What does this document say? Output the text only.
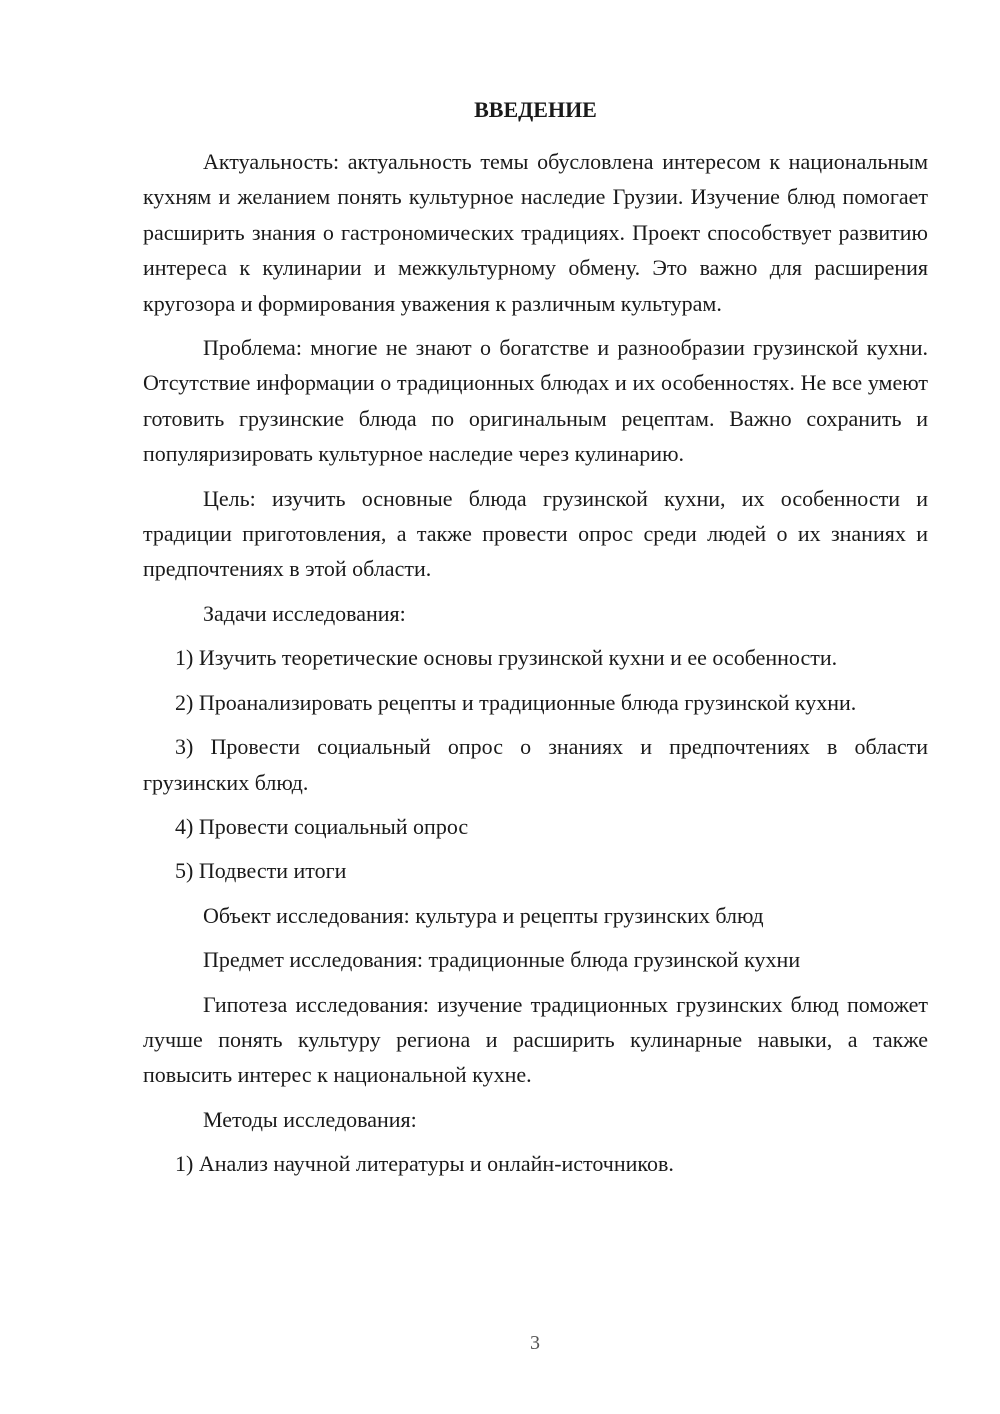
ВВЕДЕНИЕ

Актуальность: актуальность темы обусловлена интересом к национальным кухням и желанием понять культурное наследие Грузии. Изучение блюд помогает расширить знания о гастрономических традициях. Проект способствует развитию интереса к кулинарии и межкультурному обмену. Это важно для расширения кругозора и формирования уважения к различным культурам.

Проблема: многие не знают о богатстве и разнообразии грузинской кухни. Отсутствие информации о традиционных блюдах и их особенностях. Не все умеют готовить грузинские блюда по оригинальным рецептам. Важно сохранить и популяризировать культурное наследие через кулинарию.

Цель: изучить основные блюда грузинской кухни, их особенности и традиции приготовления, а также провести опрос среди людей о их знаниях и предпочтениях в этой области.

Задачи исследования:

1) Изучить теоретические основы грузинской кухни и ее особенности.

2) Проанализировать рецепты и традиционные блюда грузинской кухни.

3) Провести социальный опрос о знаниях и предпочтениях в области грузинских блюд.

4) Провести социальный опрос

5) Подвести итоги

Объект исследования: культура и рецепты грузинских блюд

Предмет исследования: традиционные блюда грузинской кухни

Гипотеза исследования: изучение традиционных грузинских блюд поможет лучше понять культуру региона и расширить кулинарные навыки, а также повысить интерес к национальной кухне.

Методы исследования:

1) Анализ научной литературы и онлайн-источников.

3
